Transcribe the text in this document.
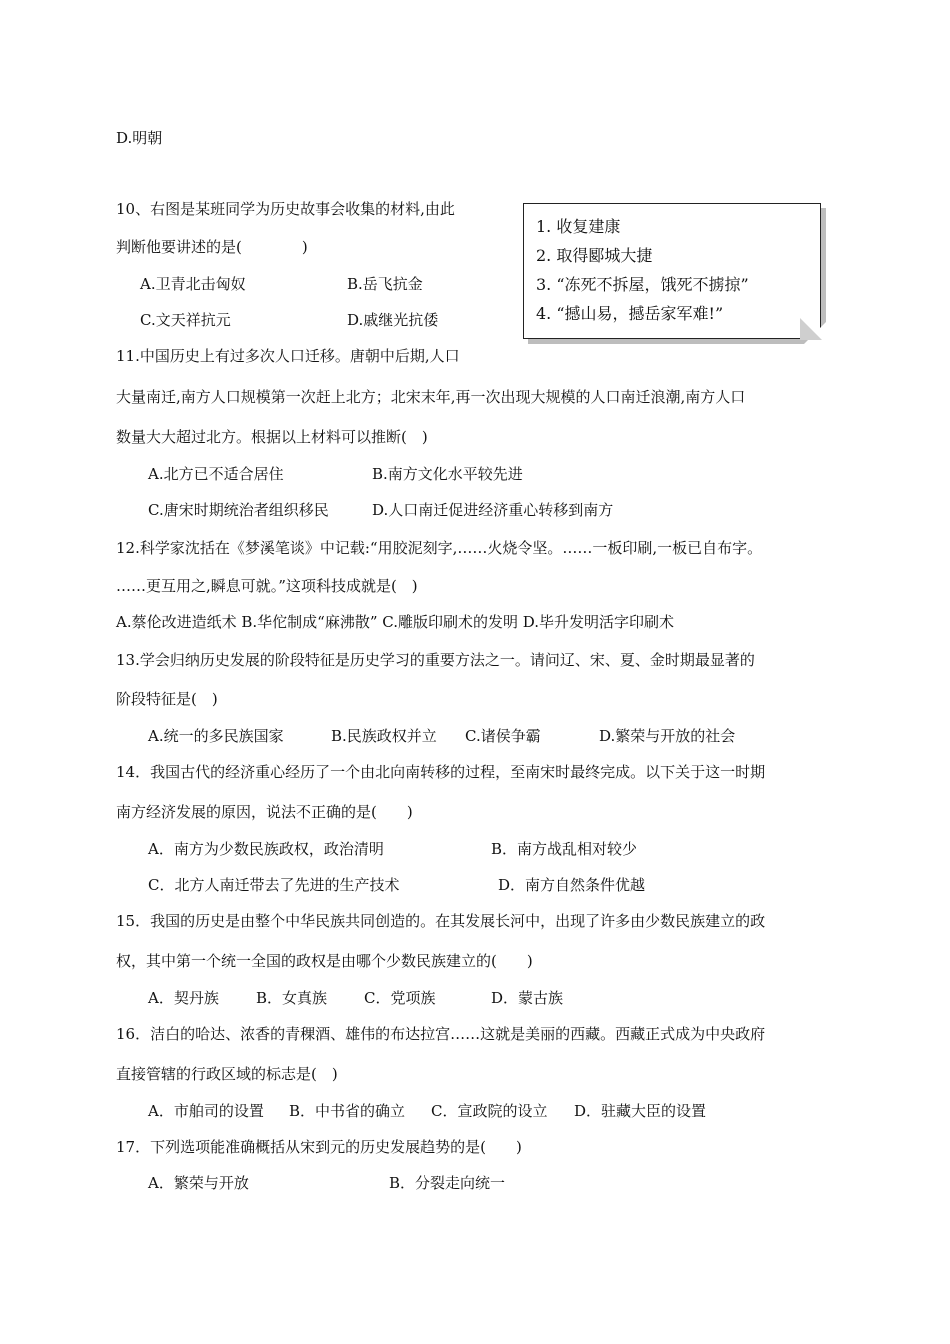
D.明朝
10、右图是某班同学为历史故事会收集的材料,由此
判断他要讲述的是(　　　　)
A.卫青北击匈奴	B.岳飞抗金
C.文天祥抗元	D.戚继光抗倭
1. 收复建康
2. 取得郾城大捷
3. “冻死不拆屋，饿死不掳掠”
4. “撼山易，撼岳家军难!”
11.中国历史上有过多次人口迁移。唐朝中后期,人口
大量南迁,南方人口规模第一次赶上北方；北宋末年,再一次出现大规模的人口南迁浪潮,南方人口
数量大大超过北方。根据以上材料可以推断(　)
A.北方已不适合居住	B.南方文化水平较先进
C.唐宋时期统治者组织移民	D.人口南迁促进经济重心转移到南方
12.科学家沈括在《梦溪笔谈》中记载:“用胶泥刻字,……火烧令坚。……一板印刷,一板已自布字。
……更互用之,瞬息可就。”这项科技成就是(　)
A.蔡伦改进造纸术 B.华佗制成“麻沸散” C.雕版印刷术的发明 D.毕升发明活字印刷术
13.学会归纳历史发展的阶段特征是历史学习的重要方法之一。请问辽、宋、夏、金时期最显著的
阶段特征是(　)
A.统一的多民族国家	B.民族政权并立 C.诸侯争霸	D.繁荣与开放的社会
14．我国古代的经济重心经历了一个由北向南转移的过程，至南宋时最终完成。以下关于这一时期
南方经济发展的原因，说法不正确的是(　　)
A．南方为少数民族政权，政治清明	B．南方战乱相对较少
C．北方人南迁带去了先进的生产技术	D．南方自然条件优越
15．我国的历史是由整个中华民族共同创造的。在其发展长河中，出现了许多由少数民族建立的政
权，其中第一个统一全国的政权是由哪个少数民族建立的(　　)
A．契丹族 B．女真族 C．党项族	D．蒙古族
16．洁白的哈达、浓香的青稞酒、雄伟的布达拉宫……这就是美丽的西藏。西藏正式成为中央政府
直接管辖的行政区域的标志是(　)
A．市舶司的设置 B．中书省的确立 C．宣政院的设立 D．驻藏大臣的设置
17．下列选项能准确概括从宋到元的历史发展趋势的是(　　)
A．繁荣与开放	B．分裂走向统一
